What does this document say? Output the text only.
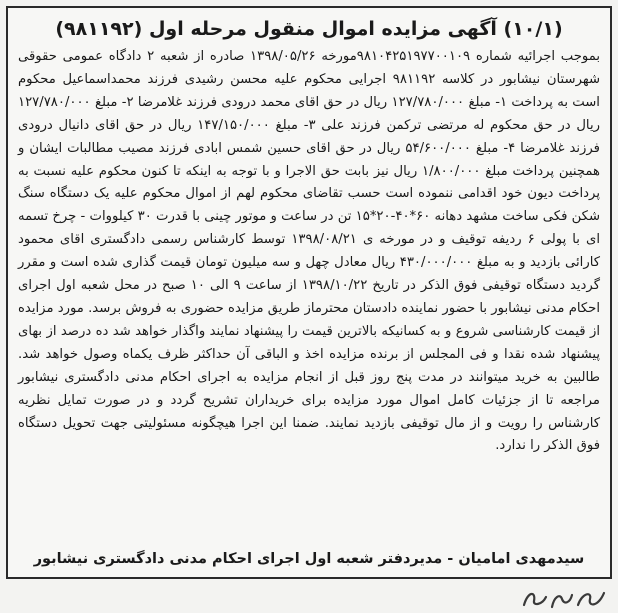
(۱۰/۱) آگهی مزایده اموال منقول مرحله اول (۹۸۱۱۹۲)

بموجب اجرائیه شماره ۹۸۱۰۴۲۵۱۹۷۷۰۰۱۰۹مورخه ۱۳۹۸/۰۵/۲۶ صادره از شعبه ۲ دادگاه عمومی حقوقی شهرستان نیشابور در کلاسه ۹۸۱۱۹۲ اجرایی محکوم علیه محسن رشیدی فرزند محمداسماعیل محکوم است به پرداخت ۱- مبلغ ۱۲۷/۷۸۰/۰۰۰ ریال در حق اقای محمد درودی فرزند غلامرضا ۲- مبلغ ۱۲۷/۷۸۰/۰۰۰ ریال در حق محکوم له مرتضی ترکمن فرزند علی ۳- مبلغ ۱۴۷/۱۵۰/۰۰۰ ریال در حق اقای دانیال درودی فرزند غلامرضا ۴- مبلغ ۵۴/۶۰۰/۰۰۰ ریال در حق اقای حسین شمس ابادی فرزند مصیب مطالبات ایشان و همچنین پرداخت مبلغ ۱/۸۰۰/۰۰۰ ریال نیز بابت حق الاجرا و با توجه به اینکه تا کنون محکوم علیه نسبت به پرداخت دیون خود اقدامی ننموده است حسب تقاضای محکوم لهم از اموال محکوم علیه یک دستگاه سنگ شکن فکی ساخت مشهد دهانه ۶۰*۴۰-۲۰*۱۵ تن در ساعت و موتور چینی با قدرت ۳۰ کیلووات - چرخ تسمه ای با پولی ۶ ردیفه توقیف و در مورخه ی ۱۳۹۸/۰۸/۲۱ توسط کارشناس رسمی دادگستری اقای محمود کارائی بازدید و به مبلغ ۴۳۰/۰۰۰/۰۰۰ ریال معادل چهل و سه میلیون تومان قیمت گذاری شده است و مقرر گردید دستگاه توقیفی فوق الذکر در تاریخ ۱۳۹۸/۱۰/۲۲ از ساعت ۹ الی ۱۰ صبح در محل شعبه اول اجرای احکام مدنی نیشابور با حضور نماینده دادستان محترماز طریق مزایده حضوری به فروش برسد. مورد مزایده از قیمت کارشناسی شروع و به کسانیکه بالاترین قیمت را پیشنهاد نمایند واگذار خواهد شد ده درصد از بهای پیشنهاد شده نقدا و فی المجلس از برنده مزایده اخذ و الباقی آن حداکثر ظرف یکماه وصول خواهد شد. طالبین به خرید میتوانند در مدت پنج روز قبل از انجام مزایده به اجرای احکام مدنی دادگستری نیشابور مراجعه تا از جزئیات کامل اموال مورد مزایده برای خریداران تشریح گردد و در صورت تمایل نظریه کارشناس را رویت و از مال توقیفی بازدید نمایند. ضمنا این اجرا هیچگونه مسئولیتی جهت تحویل دستگاه فوق الذکر را ندارد.

سیدمهدی امامیان - مدیردفتر شعبه اول اجرای احکام مدنی دادگستری نیشابور
